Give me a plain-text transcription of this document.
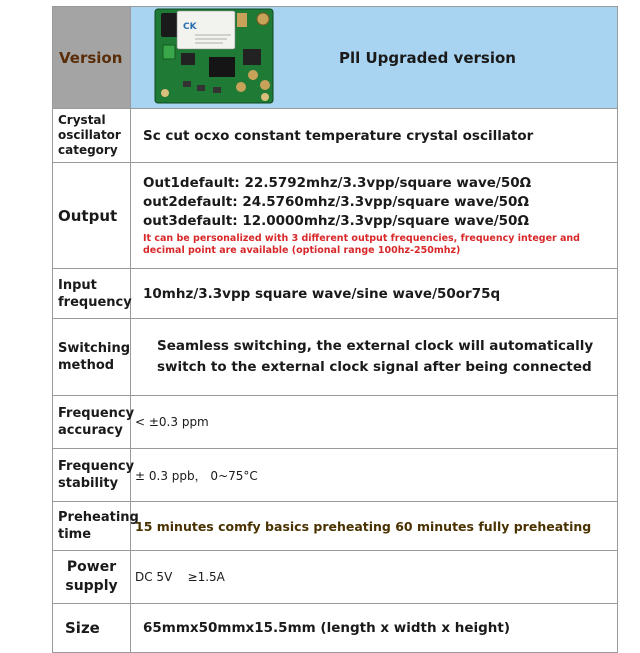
Version	Pll Upgraded version
CK
Crystal
oscillator
category
Sc cut ocxo constant temperature crystal oscillator
Output
Out1default: 22.5792mhz/3.3vpp/square wave/50Ω
out2default: 24.5760mhz/3.3vpp/square wave/50Ω
out3default: 12.0000mhz/3.3vpp/square wave/50Ω
It can be personalized with 3 different output frequencies, frequency integer and
decimal point are available (optional range 100hz-250mhz)
Input
frequency
10mhz/3.3vpp square wave/sine wave/50or75q
Switching
method
Seamless switching, the external clock will automatically
switch to the external clock signal after being connected
Frequency
accuracy
< ±0.3 ppm
Frequency
stability
± 0.3 ppb， 0~75°C
Preheating
time
15 minutes comfy basics preheating 60 minutes fully preheating
Power
supply
DC 5V    ≥1.5A
Size	65mmx50mmx15.5mm (length x width x height)
